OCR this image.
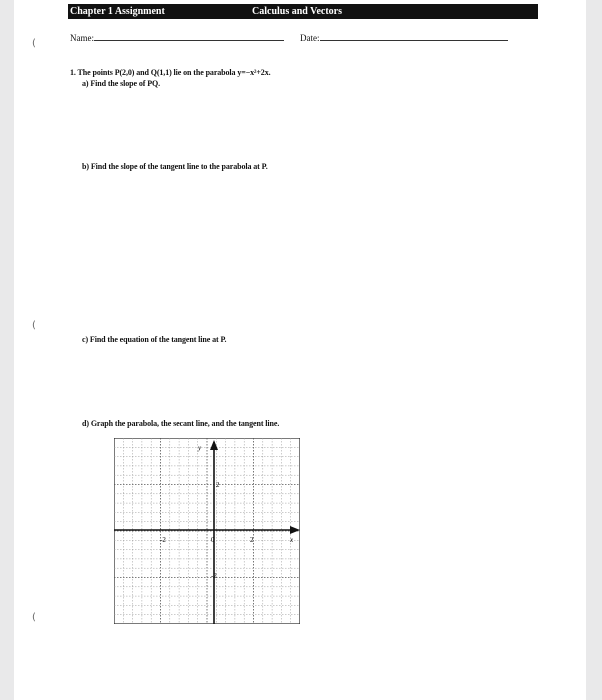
Chapter 1 Assignment	Calculus and Vectors
Name:	Date:
1. The points P(2,0) and Q(1,1) lie on the parabola y=−x²+2x.
a) Find the slope of PQ.
b) Find the slope of the tangent line to the parabola at P.
c) Find the equation of the tangent line at P.
d) Graph the parabola, the secant line, and the tangent line.
y
x
-2	0	2
2
-2
(
(
(
